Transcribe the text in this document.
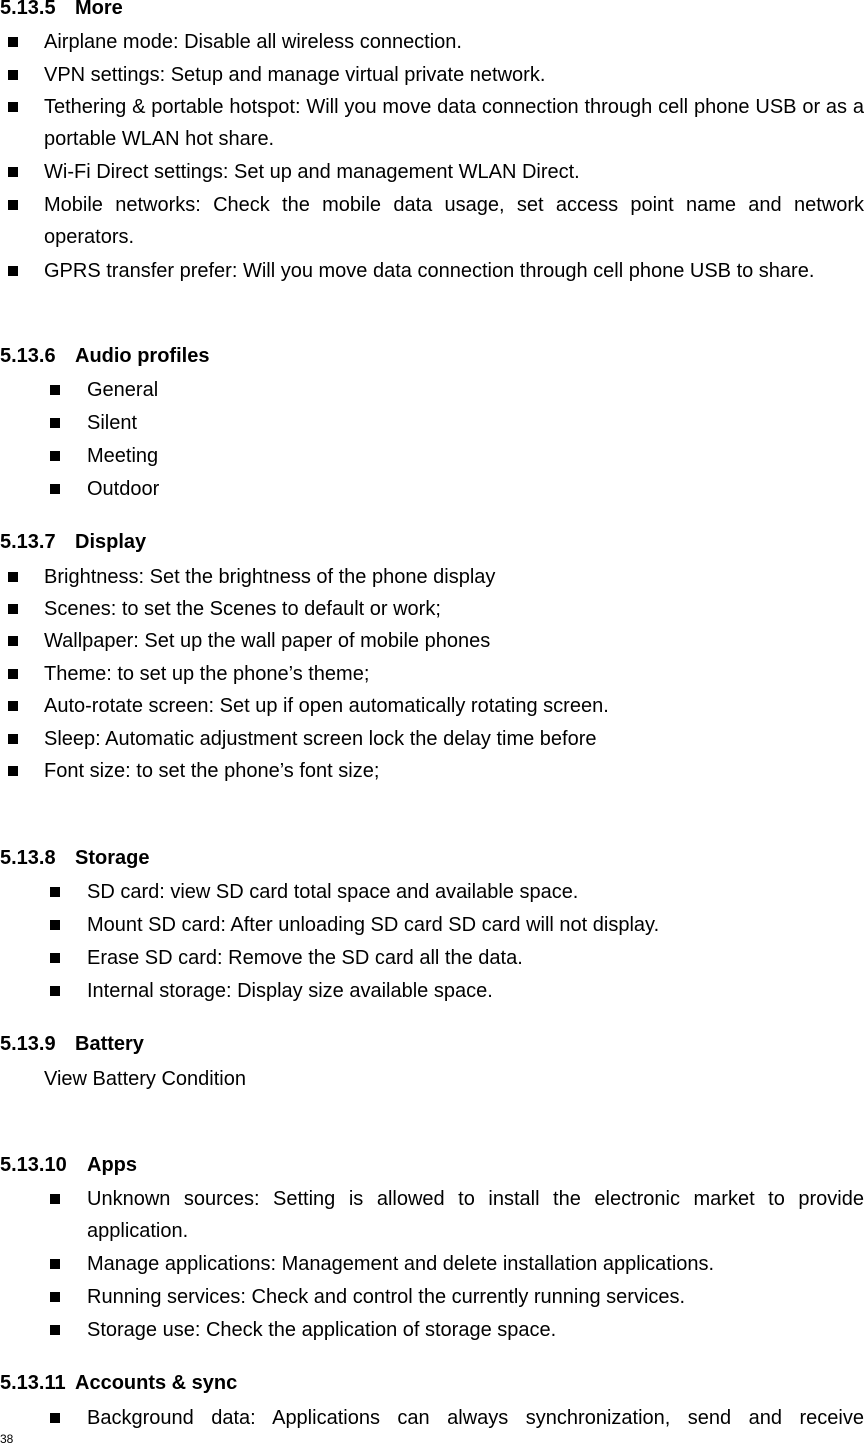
5.13.5 More
Airplane mode: Disable all wireless connection.
VPN settings: Setup and manage virtual private network.
Tethering & portable hotspot: Will you move data connection through cell phone USB or as a portable WLAN hot share.
Wi-Fi Direct settings: Set up and management WLAN Direct.
Mobile networks: Check the mobile data usage, set access point name and network operators.
GPRS transfer prefer: Will you move data connection through cell phone USB to share.
5.13.6 Audio profiles
General
Silent
Meeting
Outdoor
5.13.7 Display
Brightness: Set the brightness of the phone display
Scenes: to set the Scenes to default or work;
Wallpaper: Set up the wall paper of mobile phones
Theme: to set up the phone’s theme;
Auto-rotate screen: Set up if open automatically rotating screen.
Sleep: Automatic adjustment screen lock the delay time before
Font size: to set the phone’s font size;
5.13.8 Storage
SD card: view SD card total space and available space.
Mount SD card: After unloading SD card SD card will not display.
Erase SD card: Remove the SD card all the data.
Internal storage: Display size available space.
5.13.9 Battery
View Battery Condition
5.13.10 Apps
Unknown sources: Setting is allowed to install the electronic market to provide application.
Manage applications: Management and delete installation applications.
Running services: Check and control the currently running services.
Storage use: Check the application of storage space.
5.13.11 Accounts & sync
Background data: Applications can always synchronization, send and receive
38
